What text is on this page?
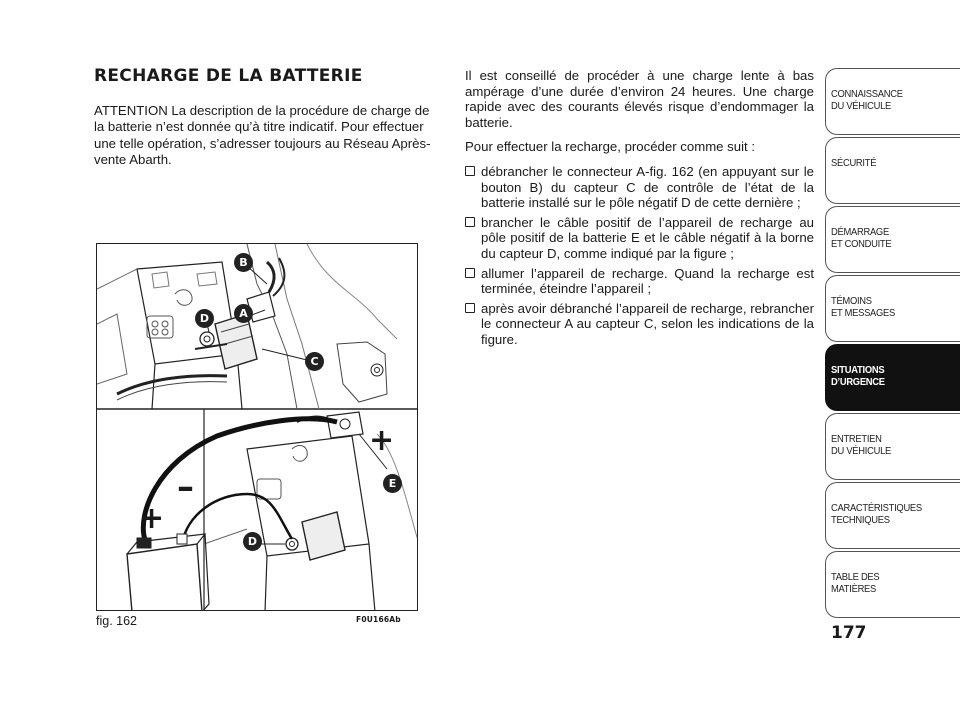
RECHARGE DE LA BATTERIE

ATTENTION La description de la procédure de charge de la batterie n’est donnée qu’à titre indicatif. Pour effectuer une telle opération, s’adresser toujours au Réseau Après-vente Abarth.

Il est conseillé de procéder à une charge lente à bas ampérage d’une durée d’environ 24 heures. Une charge rapide avec des courants élevés risque d’endommager la batterie.

Pour effectuer la recharge, procéder comme suit :

débrancher le connecteur A-fig. 162 (en appuyant sur le bouton B) du capteur C de contrôle de l’état de la batterie installé sur le pôle négatif D de cette dernière ;
brancher le câble positif de l’appareil de recharge au pôle positif de la batterie E et le câble négatif à la borne du capteur D, comme indiqué par la figure ;
allumer l’appareil de recharge. Quand la recharge est terminée, éteindre l’appareil ;
après avoir débranché l’appareil de recharge, rebrancher le connecteur A au capteur C, selon les indications de la figure.
B
A
D
C
E
D
–
+
+
fig. 162	F0U166Ab
177
CONNAISSANCE
DU VÉHICULE
SÉCURITÉ
DÉMARRAGE
ET CONDUITE
TÉMOINS
ET MESSAGES
SITUATIONS
D’URGENCE
ENTRETIEN
DU VÉHICULE
CARACTÉRISTIQUES
TECHNIQUES
TABLE DES
MATIÈRES
